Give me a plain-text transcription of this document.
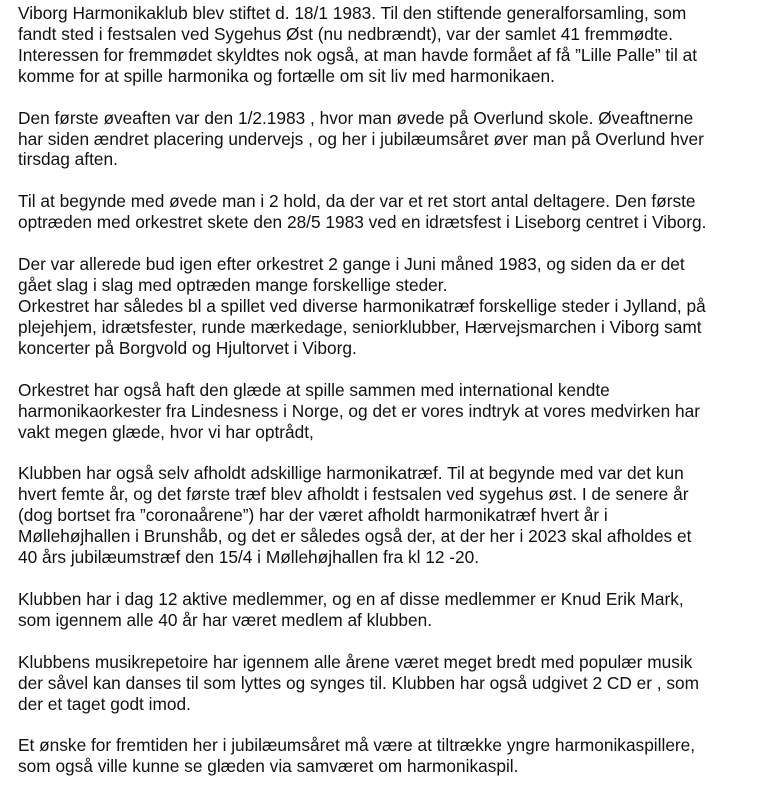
Viborg Harmonikaklub blev stiftet d. 18/1 1983. Til den stiftende generalforsamling, som
fandt sted i festsalen ved Sygehus Øst (nu nedbrændt), var der samlet 41 fremmødte.
Interessen for fremmødet skyldtes nok også, at man havde formået af få ”Lille Palle” til at
komme for at spille harmonika og fortælle om sit liv med harmonikaen.
Den første øveaften var den 1/2.1983 , hvor man øvede på Overlund skole. Øveaftnerne
har siden ændret placering undervejs , og her i jubilæumsåret øver man på Overlund hver
tirsdag aften.
Til at begynde med øvede man i 2 hold, da der var et ret stort antal deltagere. Den første
optræden med orkestret skete den 28/5 1983 ved en idrætsfest i Liseborg centret i Viborg.
Der var allerede bud igen efter orkestret 2 gange i Juni måned 1983, og siden da er det
gået slag i slag med optræden mange forskellige steder.
Orkestret har således bl a spillet ved diverse harmonikatræf forskellige steder i Jylland, på
plejehjem, idrætsfester, runde mærkedage, seniorklubber, Hærvejsmarchen i Viborg samt
koncerter på Borgvold og Hjultorvet i Viborg.
Orkestret har også haft den glæde at spille sammen med international kendte
harmonikaorkester fra Lindesness i Norge, og det er vores indtryk at vores medvirken har
vakt megen glæde, hvor vi har optrådt,
Klubben har også selv afholdt adskillige harmonikatræf. Til at begynde med var det kun
hvert femte år, og det første træf blev afholdt i festsalen ved sygehus øst. I de senere år
(dog bortset fra ”coronaårene”) har der været afholdt harmonikatræf hvert år i
Møllehøjhallen i Brunshåb, og det er således også der, at der her i 2023 skal afholdes et
40 års jubilæumstræf den 15/4 i Møllehøjhallen fra kl 12 -20.
Klubben har i dag 12 aktive medlemmer, og en af disse medlemmer er Knud Erik Mark,
som igennem alle 40 år har været medlem af klubben.
Klubbens musikrepetoire har igennem alle årene været meget bredt med populær musik
der såvel kan danses til som lyttes og synges til. Klubben har også udgivet 2 CD er , som
der et taget godt imod.
Et ønske for fremtiden her i jubilæumsåret må være at tiltrække yngre harmonikaspillere,
som også ville kunne se glæden via samværet om harmonikaspil.
